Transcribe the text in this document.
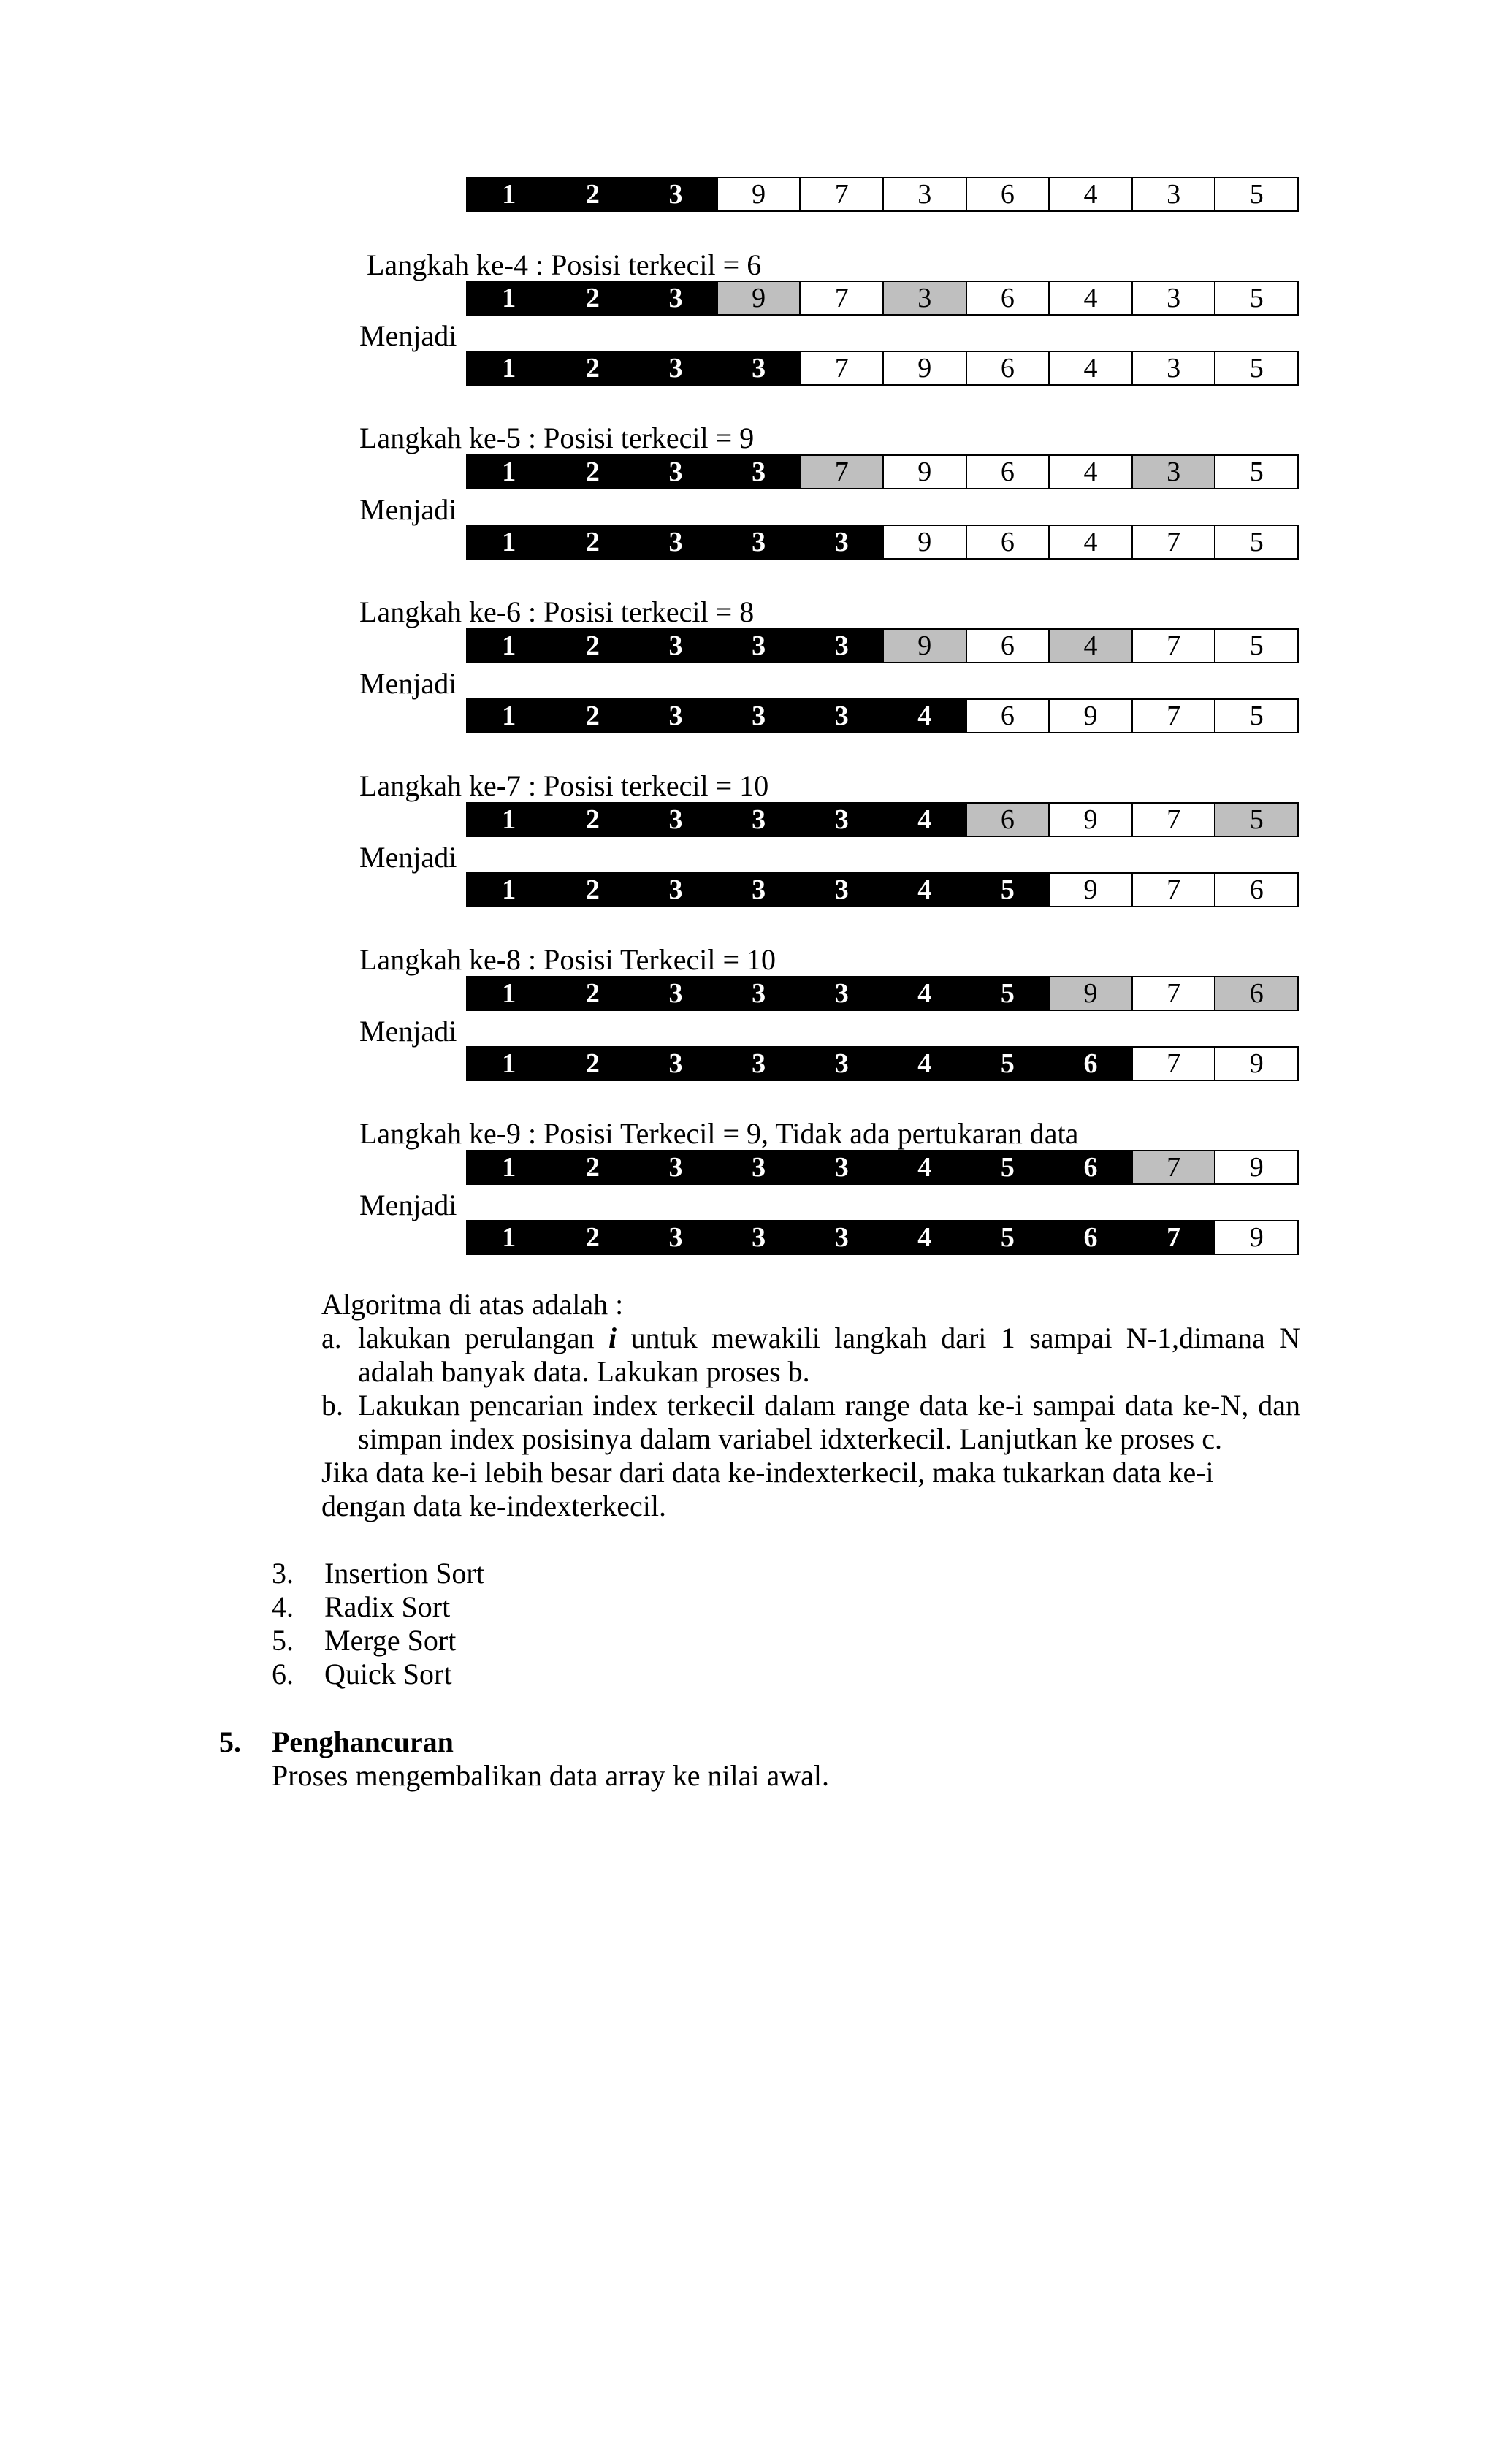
1	2	3	9	7	3	6	4	3	5
Langkah ke-4 : Posisi terkecil = 6
1	2	3	9	7	3	6	4	3	5
Menjadi
1	2	3	3	7	9	6	4	3	5
Langkah ke-5 : Posisi terkecil = 9
1	2	3	3	7	9	6	4	3	5
Menjadi
1	2	3	3	3	9	6	4	7	5
Langkah ke-6 : Posisi terkecil = 8
1	2	3	3	3	9	6	4	7	5
Menjadi
1	2	3	3	3	4	6	9	7	5
Langkah ke-7 : Posisi terkecil = 10
1	2	3	3	3	4	6	9	7	5
Menjadi
1	2	3	3	3	4	5	9	7	6
Langkah ke-8 : Posisi Terkecil = 10
1	2	3	3	3	4	5	9	7	6
Menjadi
1	2	3	3	3	4	5	6	7	9
Langkah ke-9 : Posisi Terkecil = 9, Tidak ada pertukaran data
1	2	3	3	3	4	5	6	7	9
Menjadi
1	2	3	3	3	4	5	6	7	9
Algoritma di atas adalah :
a. lakukan perulangan i untuk mewakili langkah dari 1 sampai N-1,dimana N adalah banyak data. Lakukan proses b.
b. Lakukan pencarian index terkecil dalam range data ke-i sampai data ke-N, dan simpan index posisinya dalam variabel idxterkecil. Lanjutkan ke proses c.
Jika data ke-i lebih besar dari data ke-indexterkecil, maka tukarkan data ke-i dengan data ke-indexterkecil.
3. Insertion Sort
4. Radix Sort
5. Merge Sort
6. Quick Sort
5. Penghancuran
Proses mengembalikan data array ke nilai awal.
